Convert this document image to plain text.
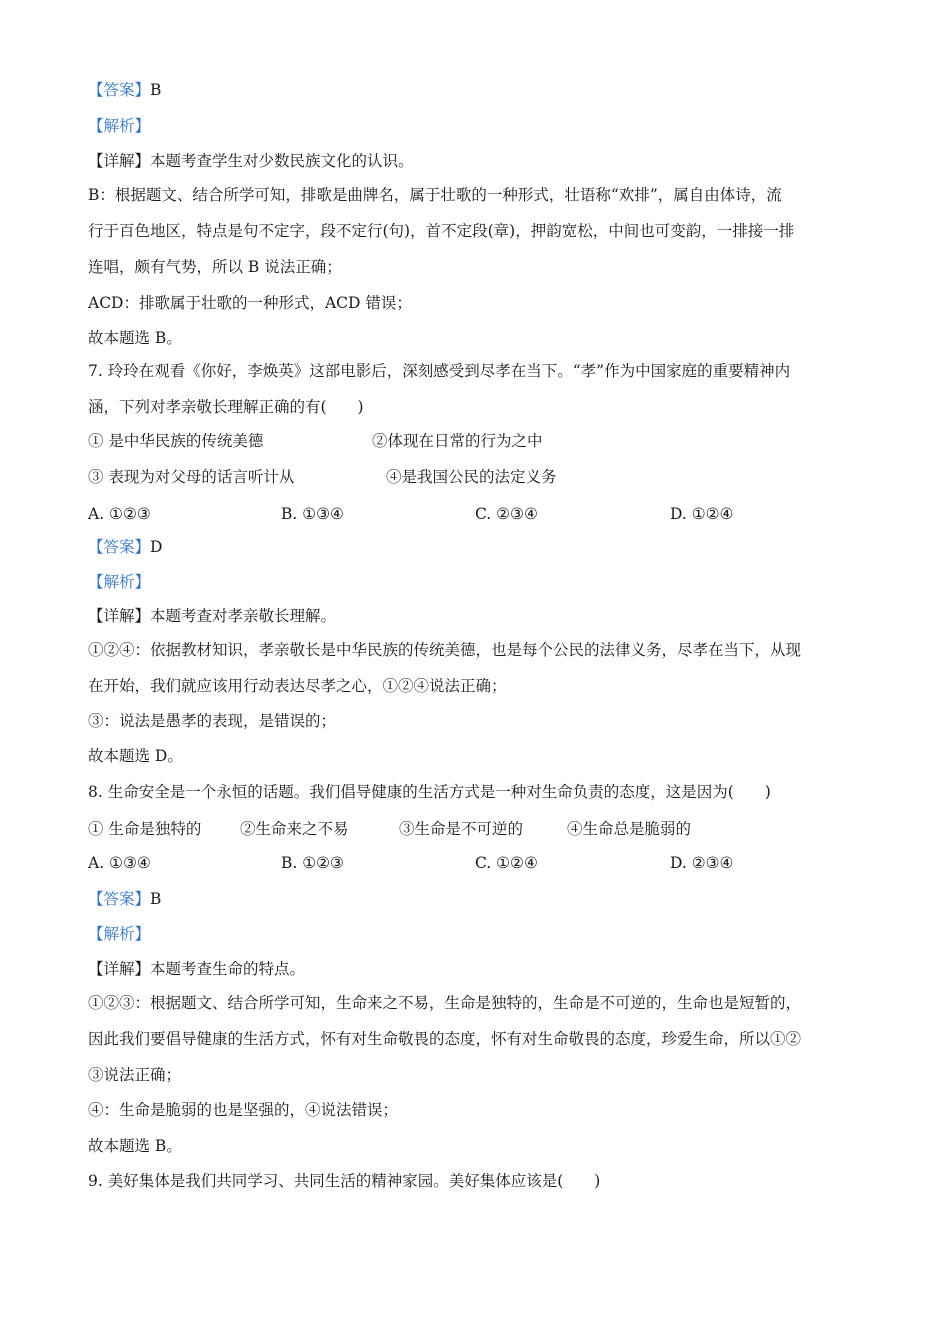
【答案】B
【解析】
【详解】本题考查学生对少数民族文化的认识。
B：根据题文、结合所学可知，排歌是曲牌名，属于壮歌的一种形式，壮语称“欢排”，属自由体诗，流
行于百色地区，特点是句不定字，段不定行(句)，首不定段(章)，押韵宽松，中间也可变韵，一排接一排
连唱，颇有气势，所以 B 说法正确；
ACD：排歌属于壮歌的一种形式，ACD 错误；
故本题选 B。
7. 玲玲在观看《你好，李焕英》这部电影后，深刻感受到尽孝在当下。“孝”作为中国家庭的重要精神内
涵，下列对孝亲敬长理解正确的有(　　)
① 是中华民族的传统美德	②体现在日常的行为之中
③ 表现为对父母的话言听计从	④是我国公民的法定义务
A. ①②③	B. ①③④	C. ②③④	D. ①②④
【答案】D
【解析】
【详解】本题考查对孝亲敬长理解。
①②④：依据教材知识，孝亲敬长是中华民族的传统美德，也是每个公民的法律义务，尽孝在当下，从现
在开始，我们就应该用行动表达尽孝之心，①②④说法正确；
③：说法是愚孝的表现，是错误的；
故本题选 D。
8. 生命安全是一个永恒的话题。我们倡导健康的生活方式是一种对生命负责的态度，这是因为(　　)
① 生命是独特的 ②生命来之不易	③生命是不可逆的	④生命总是脆弱的
A. ①③④	B. ①②③	C. ①②④	D. ②③④
【答案】B
【解析】
【详解】本题考查生命的特点。
①②③：根据题文、结合所学可知，生命来之不易，生命是独特的，生命是不可逆的，生命也是短暂的，
因此我们要倡导健康的生活方式，怀有对生命敬畏的态度，怀有对生命敬畏的态度，珍爱生命，所以①②
③说法正确；
④：生命是脆弱的也是坚强的，④说法错误；
故本题选 B。
9. 美好集体是我们共同学习、共同生活的精神家园。美好集体应该是(　　)
